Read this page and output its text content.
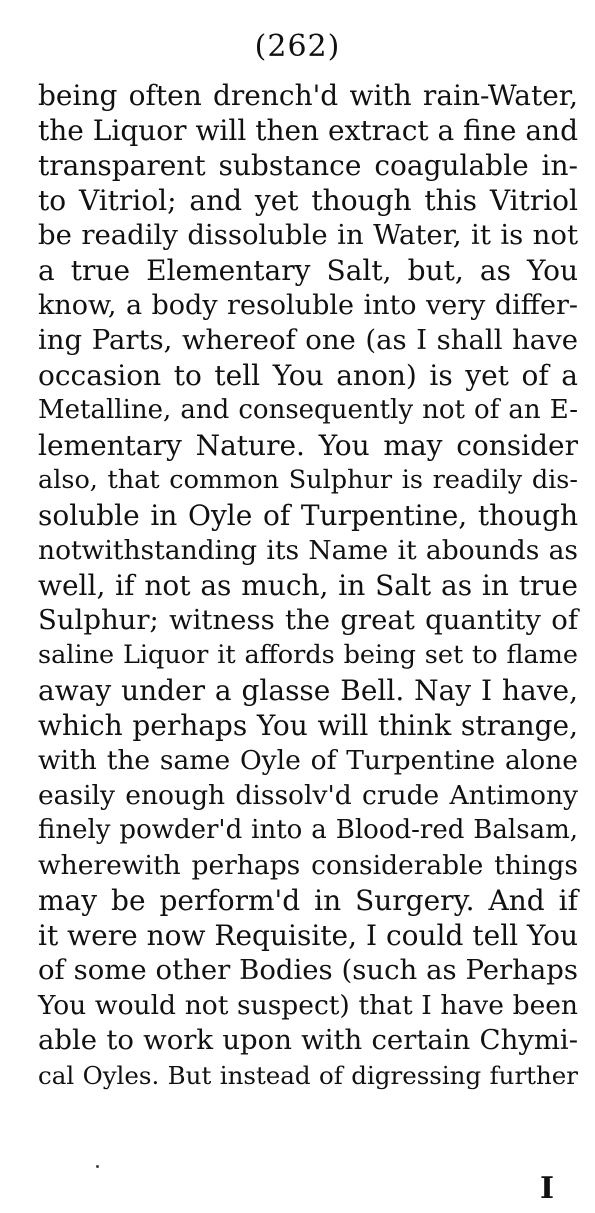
(262)
being often drench'd with rain-Water,
the Liquor will then extract a fine and
transparent substance coagulable in-
to Vitriol; and yet though this Vitriol
be readily dissoluble in Water, it is not
a true Elementary Salt, but, as You
know, a body resoluble into very differ-
ing Parts, whereof one (as I shall have
occasion to tell You anon) is yet of a
Metalline, and consequently not of an E-
lementary Nature. You may consider
also, that common Sulphur is readily dis-
soluble in Oyle of Turpentine, though
notwithstanding its Name it abounds as
well, if not as much, in Salt as in true
Sulphur; witness the great quantity of
saline Liquor it affords being set to flame
away under a glasse Bell. Nay I have,
which perhaps You will think strange,
with the same Oyle of Turpentine alone
easily enough dissolv'd crude Antimony
finely powder'd into a Blood-red Balsam,
wherewith perhaps considerable things
may be perform'd in Surgery. And if
it were now Requisite, I could tell You
of some other Bodies (such as Perhaps
You would not suspect) that I have been
able to work upon with certain Chymi-
cal Oyles. But instead of digressing further
I
